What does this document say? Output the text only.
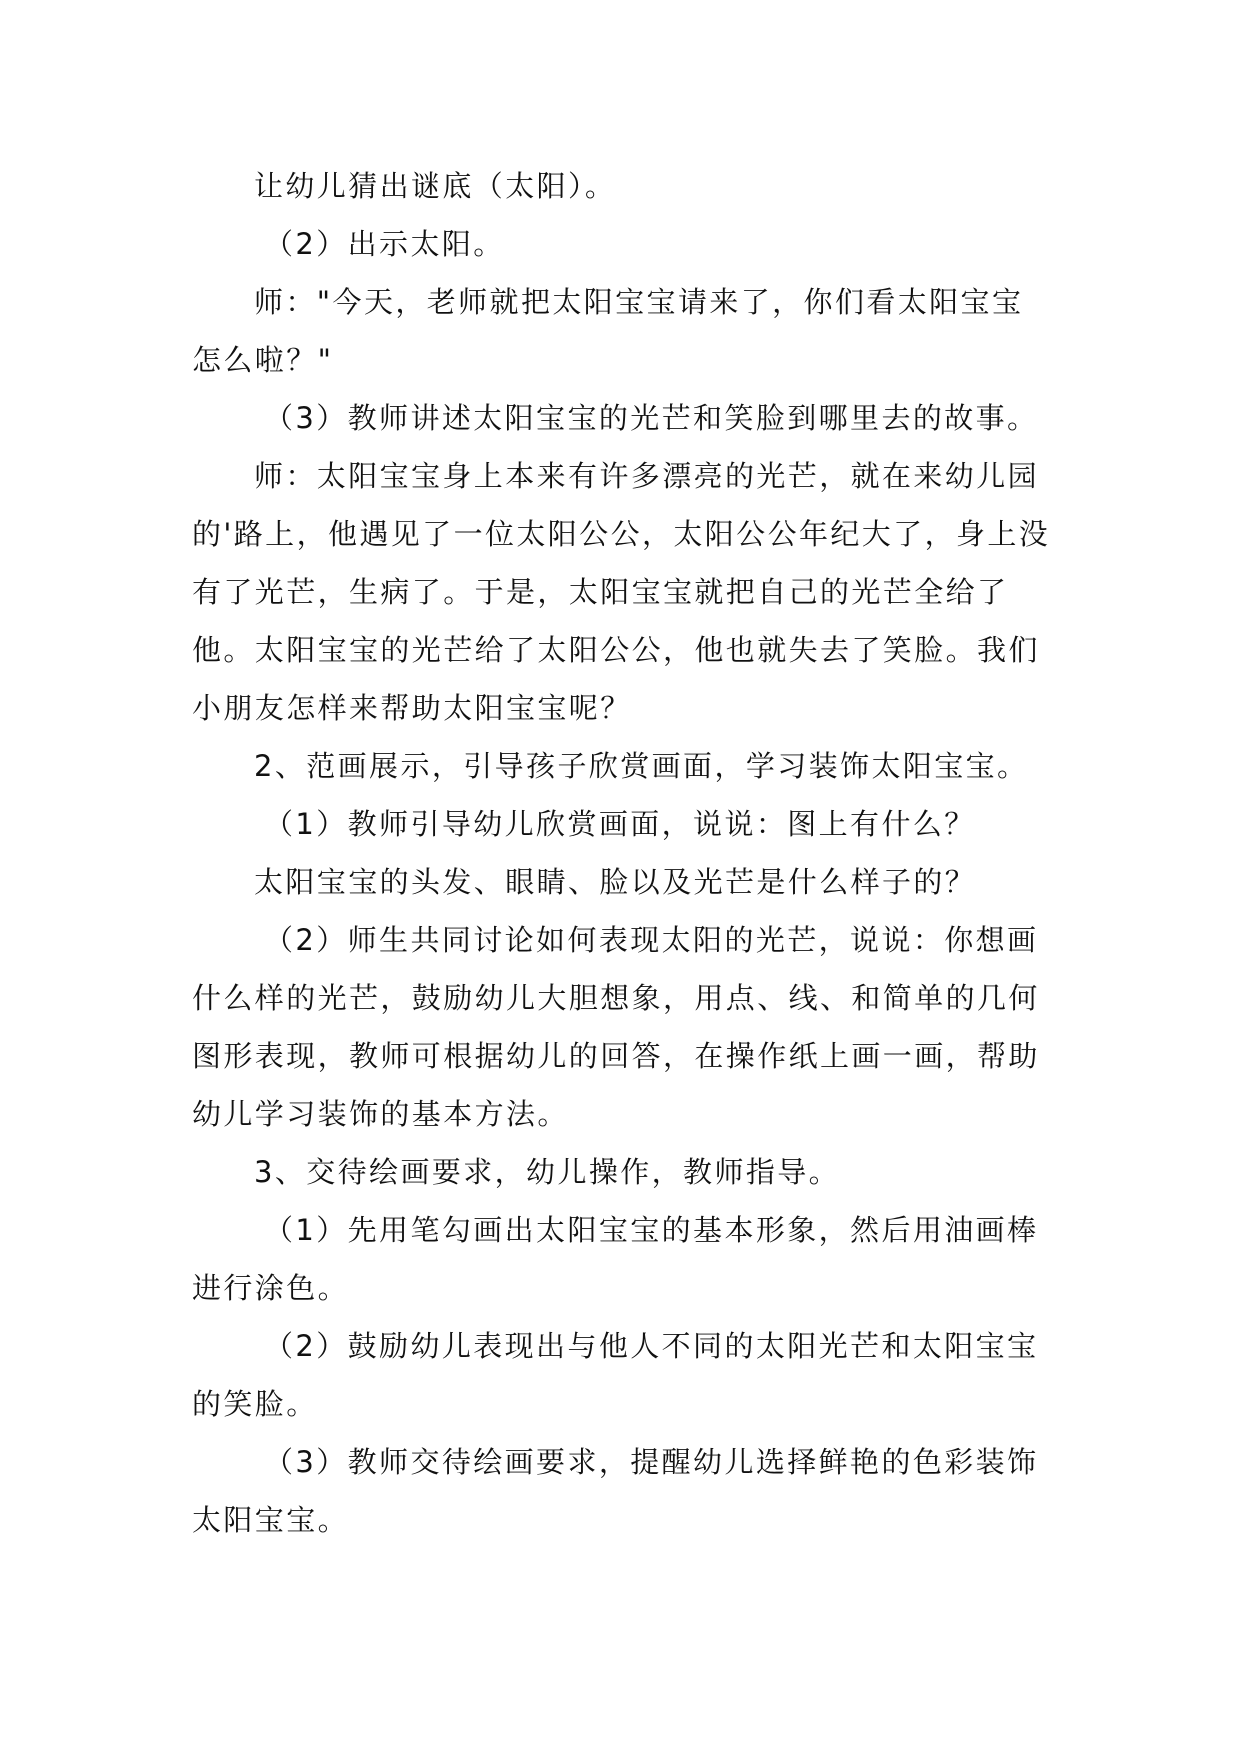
让幼儿猜出谜底（太阳）。

（2）出示太阳。

师："今天，老师就把太阳宝宝请来了，你们看太阳宝宝怎么啦？"

（3）教师讲述太阳宝宝的光芒和笑脸到哪里去的故事。

师：太阳宝宝身上本来有许多漂亮的光芒，就在来幼儿园的'路上，他遇见了一位太阳公公，太阳公公年纪大了，身上没有了光芒，生病了。于是，太阳宝宝就把自己的光芒全给了他。太阳宝宝的光芒给了太阳公公，他也就失去了笑脸。我们小朋友怎样来帮助太阳宝宝呢？

2、范画展示，引导孩子欣赏画面，学习装饰太阳宝宝。

（1）教师引导幼儿欣赏画面，说说：图上有什么？

太阳宝宝的头发、眼睛、脸以及光芒是什么样子的？

（2）师生共同讨论如何表现太阳的光芒，说说：你想画什么样的光芒，鼓励幼儿大胆想象，用点、线、和简单的几何图形表现，教师可根据幼儿的回答，在操作纸上画一画，帮助幼儿学习装饰的基本方法。

3、交待绘画要求，幼儿操作，教师指导。

（1）先用笔勾画出太阳宝宝的基本形象，然后用油画棒进行涂色。

（2）鼓励幼儿表现出与他人不同的太阳光芒和太阳宝宝的笑脸。

（3）教师交待绘画要求，提醒幼儿选择鲜艳的色彩装饰太阳宝宝。
